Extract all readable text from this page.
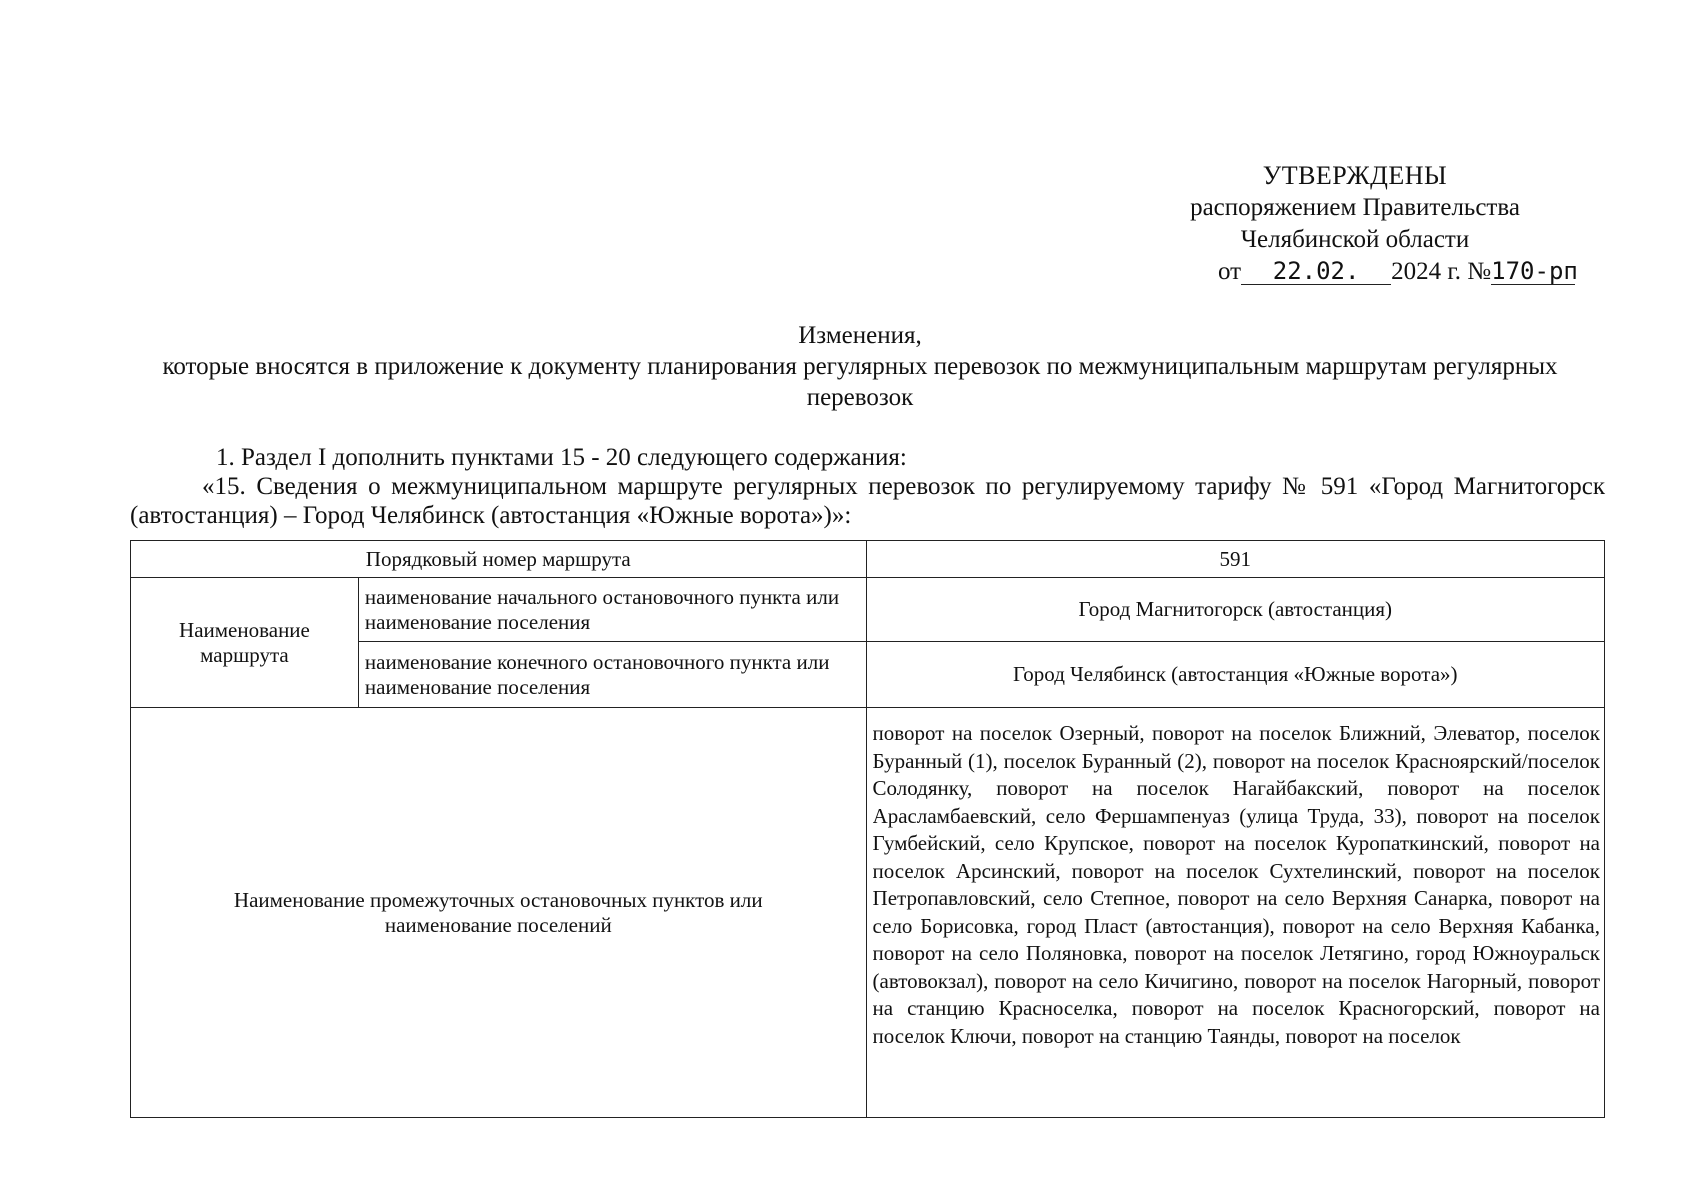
УТВЕРЖДЕНЫ
распоряжением Правительства
Челябинской области
от 22.02. 2024 г. №170-рп
Изменения,
которые вносятся в приложение к документу планирования регулярных перевозок по межмуниципальным маршрутам регулярных перевозок

1. Раздел I дополнить пунктами 15 - 20 следующего содержания:

«15. Сведения о межмуниципальном маршруте регулярных перевозок по регулируемому тарифу № 591 «Город Магнитогорск (автостанция) – Город Челябинск (автостанция «Южные ворота»)»:

Порядковый номер маршрута		591
Наименование маршрута	наименование начального остановочного пункта или наименование поселения	Город Магнитогорск (автостанция)
	наименование конечного остановочного пункта или наименование поселения	Город Челябинск (автостанция «Южные ворота»)
Наименование промежуточных остановочных пунктов или наименование поселений		поворот на поселок Озерный, поворот на поселок Ближний, Элеватор, поселок Буранный (1), поселок Буранный (2), поворот на поселок Красноярский/поселок Солодянку, поворот на поселок Нагайбакский, поворот на поселок Арасламбаевский, село Фершампенуаз (улица Труда, 33), поворот на поселок Гумбейский, село Крупское, поворот на поселок Куропаткинский, поворот на поселок Арсинский, поворот на поселок Сухтелинский, поворот на поселок Петропавловский, село Степное, поворот на село Верхняя Санарка, поворот на село Борисовка, город Пласт (автостанция), поворот на село Верхняя Кабанка, поворот на село Поляновка, поворот на поселок Летягино, город Южноуральск (автовокзал), поворот на село Кичигино, поворот на поселок Нагорный, поворот на станцию Красноселка, поворот на поселок Красногорский, поворот на поселок Ключи, поворот на станцию Таянды, поворот на поселок
